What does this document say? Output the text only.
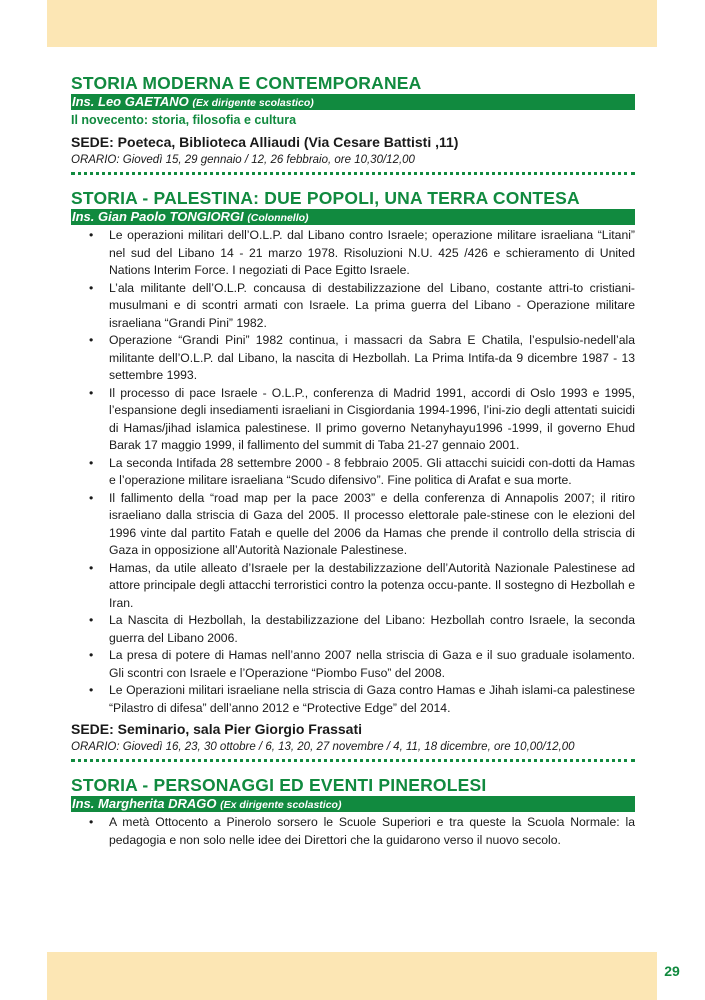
STORIA MODERNA E CONTEMPORANEA
Ins. Leo GAETANO (Ex dirigente scolastico)
Il novecento: storia, filosofia e cultura
SEDE: Poeteca, Biblioteca Alliaudi (Via Cesare Battisti ,11)
ORARIO: Giovedì 15, 29 gennaio / 12, 26 febbraio, ore 10,30/12,00
STORIA - PALESTINA: DUE POPOLI, UNA TERRA CONTESA
Ins. Gian Paolo TONGIORGI (Colonnello)
• Le operazioni militari dell’O.L.P. dal Libano contro Israele; operazione militare israeliana “Litani” nel sud del Libano 14 - 21 marzo 1978. Risoluzioni N.U. 425 /426 e schieramento di United Nations Interim Force. I negoziati di Pace Egitto Israele.
• L’ala militante dell’O.L.P. concausa di destabilizzazione del Libano, costante attri-to cristiani-musulmani e di scontri armati con Israele. La prima guerra del Libano - Operazione militare israeliana “Grandi Pini” 1982.
• Operazione “Grandi Pini” 1982 continua, i massacri da Sabra E Chatila, l’espulsio-nedell’ala militante dell’O.L.P. dal Libano, la nascita di Hezbollah. La Prima Intifa-da 9 dicembre 1987 - 13 settembre 1993.
• Il processo di pace Israele - O.L.P., conferenza di Madrid 1991, accordi di Oslo 1993 e 1995, l’espansione degli insediamenti israeliani in Cisgiordania 1994-1996, l’ini-zio degli attentati suicidi di Hamas/jihad islamica palestinese. Il primo governo Netanyhayu1996 -1999, il governo Ehud Barak 17 maggio 1999, il fallimento del summit di Taba 21-27 gennaio 2001.
• La seconda Intifada 28 settembre 2000 - 8 febbraio 2005. Gli attacchi suicidi con-dotti da Hamas e l’operazione militare israeliana “Scudo difensivo”. Fine politica di Arafat e sua morte.
• Il fallimento della “road map per la pace 2003” e della conferenza di Annapolis 2007; il ritiro israeliano dalla striscia di Gaza del 2005. Il processo elettorale pale-stinese con le elezioni del 1996 vinte dal partito Fatah e quelle del 2006 da Hamas che prende il controllo della striscia di Gaza in opposizione all’Autorità Nazionale Palestinese.
• Hamas, da utile alleato d’Israele per la destabilizzazione dell’Autorità Nazionale Palestinese ad attore principale degli attacchi terroristici contro la potenza occu-pante. Il sostegno di Hezbollah e Iran.
• La Nascita di Hezbollah, la destabilizzazione del Libano: Hezbollah contro Israele, la seconda guerra del Libano 2006.
• La presa di potere di Hamas nell’anno 2007 nella striscia di Gaza e il suo graduale isolamento. Gli scontri con Israele e l’Operazione “Piombo Fuso” del 2008.
• Le Operazioni militari israeliane nella striscia di Gaza contro Hamas e Jihah islami-ca palestinese “Pilastro di difesa” dell’anno 2012 e “Protective Edge” del 2014.
SEDE: Seminario, sala Pier Giorgio Frassati
ORARIO: Giovedì 16, 23, 30 ottobre / 6, 13, 20, 27 novembre / 4, 11, 18 dicembre, ore 10,00/12,00
STORIA - PERSONAGGI ED EVENTI PINEROLESI
Ins. Margherita DRAGO (Ex dirigente scolastico)
• A metà Ottocento a Pinerolo sorsero le Scuole Superiori e tra queste la Scuola Normale: la pedagogia e non solo nelle idee dei Direttori che la guidarono verso il nuovo secolo.
29
